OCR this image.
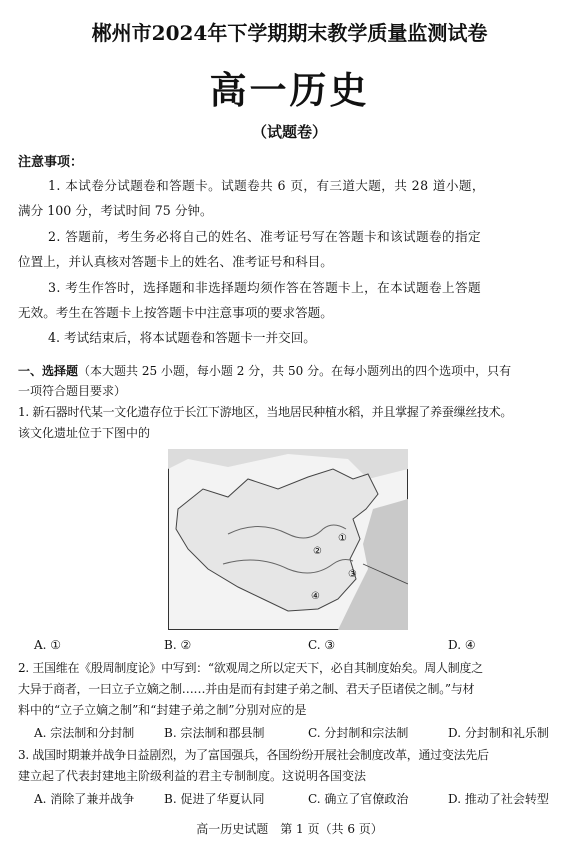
郴州市2024年下学期期末教学质量监测试卷
高一历史
（试题卷）
注意事项：
1. 本试卷分试题卷和答题卡。试题卷共 6 页，有三道大题，共 28 道小题，
满分 100 分，考试时间 75 分钟。
2. 答题前，考生务必将自己的姓名、准考证号写在答题卡和该试题卷的指定
位置上，并认真核对答题卡上的姓名、准考证号和科目。
3. 考生作答时，选择题和非选择题均须作答在答题卡上，在本试题卷上答题
无效。考生在答题卡上按答题卡中注意事项的要求答题。
4. 考试结束后，将本试题卷和答题卡一并交回。
一、选择题（本大题共 25 小题，每小题 2 分，共 50 分。在每小题列出的四个选项中，只有
一项符合题目要求）
1. 新石器时代某一文化遗存位于长江下游地区，当地居民种植水稻，并且掌握了养蚕缫丝技术。
该文化遗址位于下图中的
①
②
③
④
A. ①	B. ②	C. ③	D. ④
2. 王国维在《殷周制度论》中写到：“欲观周之所以定天下，必自其制度始矣。周人制度之
大异于商者，一曰立子立嫡之制……并由是而有封建子弟之制、君天子臣诸侯之制。”与材
料中的“立子立嫡之制”和“封建子弟之制”分别对应的是
A. 宗法制和分封制 B. 宗法制和郡县制	C. 分封制和宗法制	D. 分封制和礼乐制
3. 战国时期兼并战争日益剧烈，为了富国强兵，各国纷纷开展社会制度改革，通过变法先后
建立起了代表封建地主阶级利益的君主专制制度。这说明各国变法
A. 消除了兼并战争 B. 促进了华夏认同	C. 确立了官僚政治	D. 推动了社会转型
高一历史试题　第 1 页（共 6 页）
